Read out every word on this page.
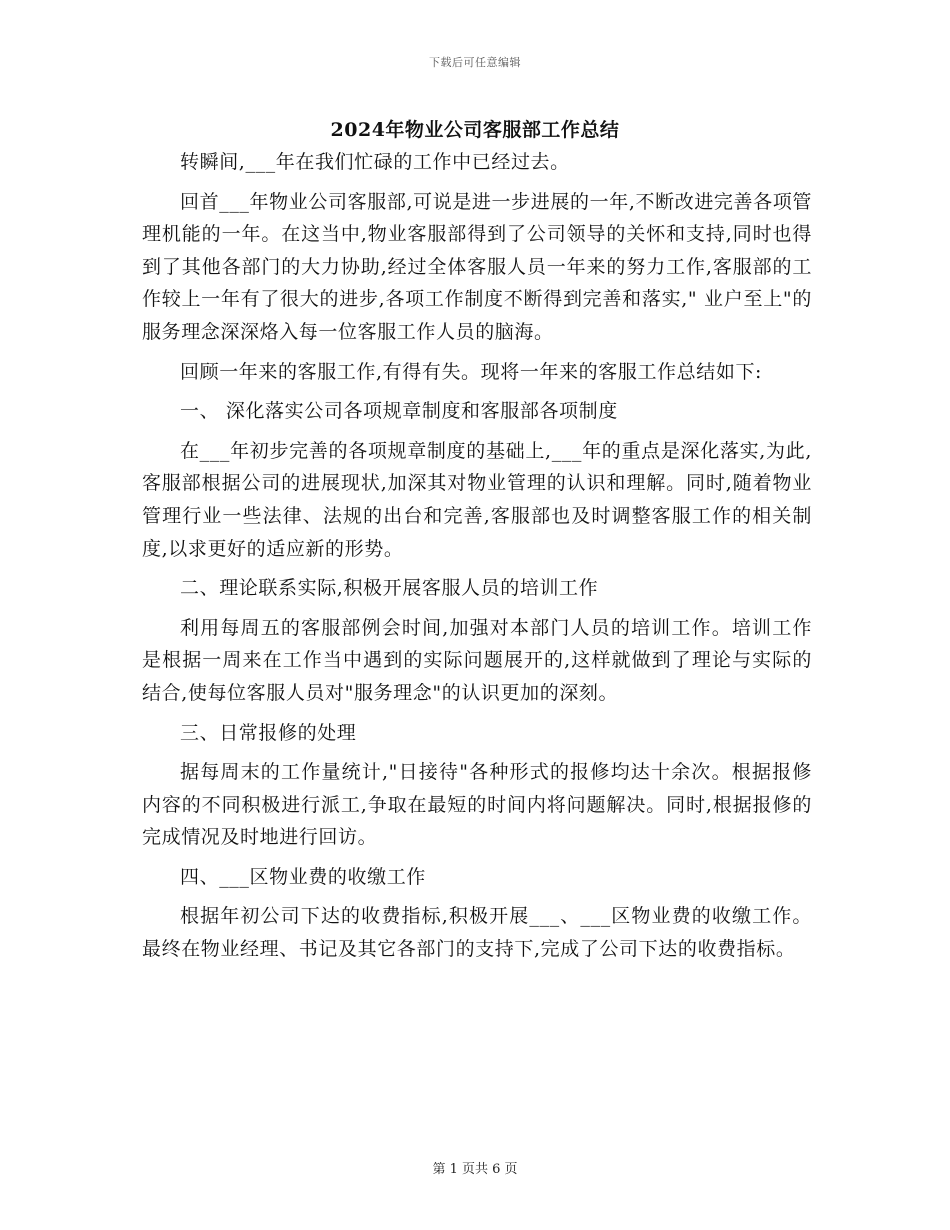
下载后可任意编辑
2024年物业公司客服部工作总结

转瞬间,___年在我们忙碌的工作中已经过去。

回首___年物业公司客服部,可说是进一步进展的一年,不断改进完善各项管理机能的一年。在这当中,物业客服部得到了公司领导的关怀和支持,同时也得到了其他各部门的大力协助,经过全体客服人员一年来的努力工作,客服部的工作较上一年有了很大的进步,各项工作制度不断得到完善和落实," 业户至上"的服务理念深深烙入每一位客服工作人员的脑海。

回顾一年来的客服工作,有得有失。现将一年来的客服工作总结如下:

一、 深化落实公司各项规章制度和客服部各项制度

在___年初步完善的各项规章制度的基础上,___年的重点是深化落实,为此,客服部根据公司的进展现状,加深其对物业管理的认识和理解。同时,随着物业管理行业一些法律、法规的出台和完善,客服部也及时调整客服工作的相关制度,以求更好的适应新的形势。

二、理论联系实际,积极开展客服人员的培训工作

利用每周五的客服部例会时间,加强对本部门人员的培训工作。培训工作是根据一周来在工作当中遇到的实际问题展开的,这样就做到了理论与实际的结合,使每位客服人员对"服务理念"的认识更加的深刻。

三、日常报修的处理

据每周末的工作量统计,"日接待"各种形式的报修均达十余次。根据报修内容的不同积极进行派工,争取在最短的时间内将问题解决。同时,根据报修的完成情况及时地进行回访。

四、___区物业费的收缴工作

根据年初公司下达的收费指标,积极开展___、___区物业费的收缴工作。最终在物业经理、书记及其它各部门的支持下,完成了公司下达的收费指标。

第 1 页共 6 页
